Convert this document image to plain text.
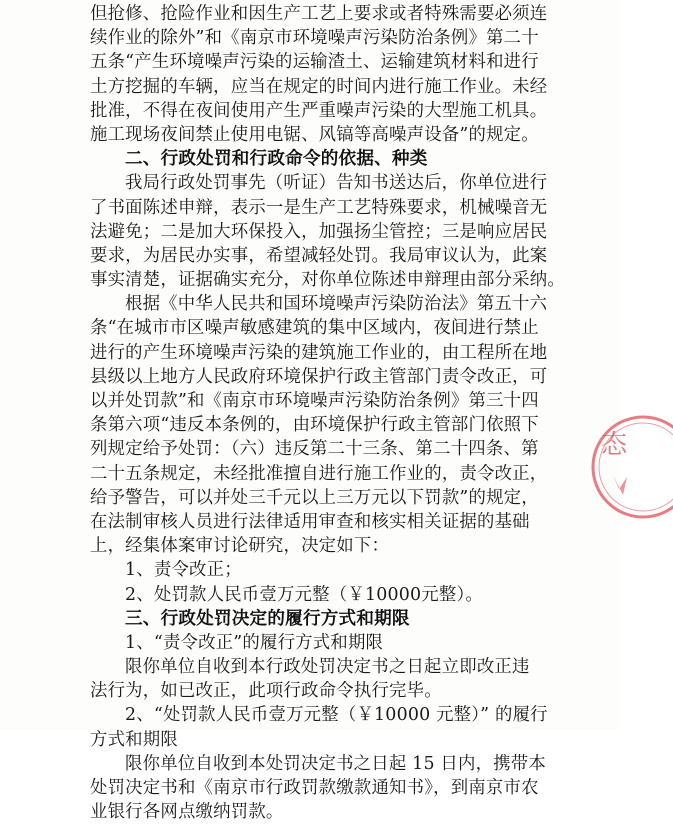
但抢修、抢险作业和因生产工艺上要求或者特殊需要必须连
续作业的除外”和《南京市环境噪声污染防治条例》第二十
五条“产生环境噪声污染的运输渣土、运输建筑材料和进行
土方挖掘的车辆，应当在规定的时间内进行施工作业。未经
批准，不得在夜间使用产生严重噪声污染的大型施工机具。
施工现场夜间禁止使用电锯、风镐等高噪声设备”的规定。
二、行政处罚和行政命令的依据、种类
我局行政处罚事先（听证）告知书送达后，你单位进行
了书面陈述申辩，表示一是生产工艺特殊要求，机械噪音无
法避免；二是加大环保投入，加强扬尘管控；三是响应居民
要求，为居民办实事，希望减轻处罚。我局审议认为，此案
事实清楚，证据确实充分，对你单位陈述申辩理由部分采纳。
根据《中华人民共和国环境噪声污染防治法》第五十六
条“在城市市区噪声敏感建筑的集中区域内，夜间进行禁止
进行的产生环境噪声污染的建筑施工作业的，由工程所在地
县级以上地方人民政府环境保护行政主管部门责令改正，可
以并处罚款”和《南京市环境噪声污染防治条例》第三十四
条第六项“违反本条例的，由环境保护行政主管部门依照下
列规定给予处罚：（六）违反第二十三条、第二十四条、第
二十五条规定，未经批准擅自进行施工作业的，责令改正，
给予警告，可以并处三千元以上三万元以下罚款”的规定，
在法制审核人员进行法律适用审查和核实相关证据的基础
上，经集体案审讨论研究，决定如下：
1、责令改正；
2、处罚款人民币壹万元整（￥10000元整）。
三、行政处罚决定的履行方式和期限
1、“责令改正”的履行方式和期限
限你单位自收到本行政处罚决定书之日起立即改正违
法行为，如已改正，此项行政命令执行完毕。
2、“处罚款人民币壹万元整（￥10000 元整）” 的履行
方式和期限
限你单位自收到本处罚决定书之日起 15 日内，携带本
处罚决定书和《南京市行政罚款缴款通知书》，到南京市农
业银行各网点缴纳罚款。
态
